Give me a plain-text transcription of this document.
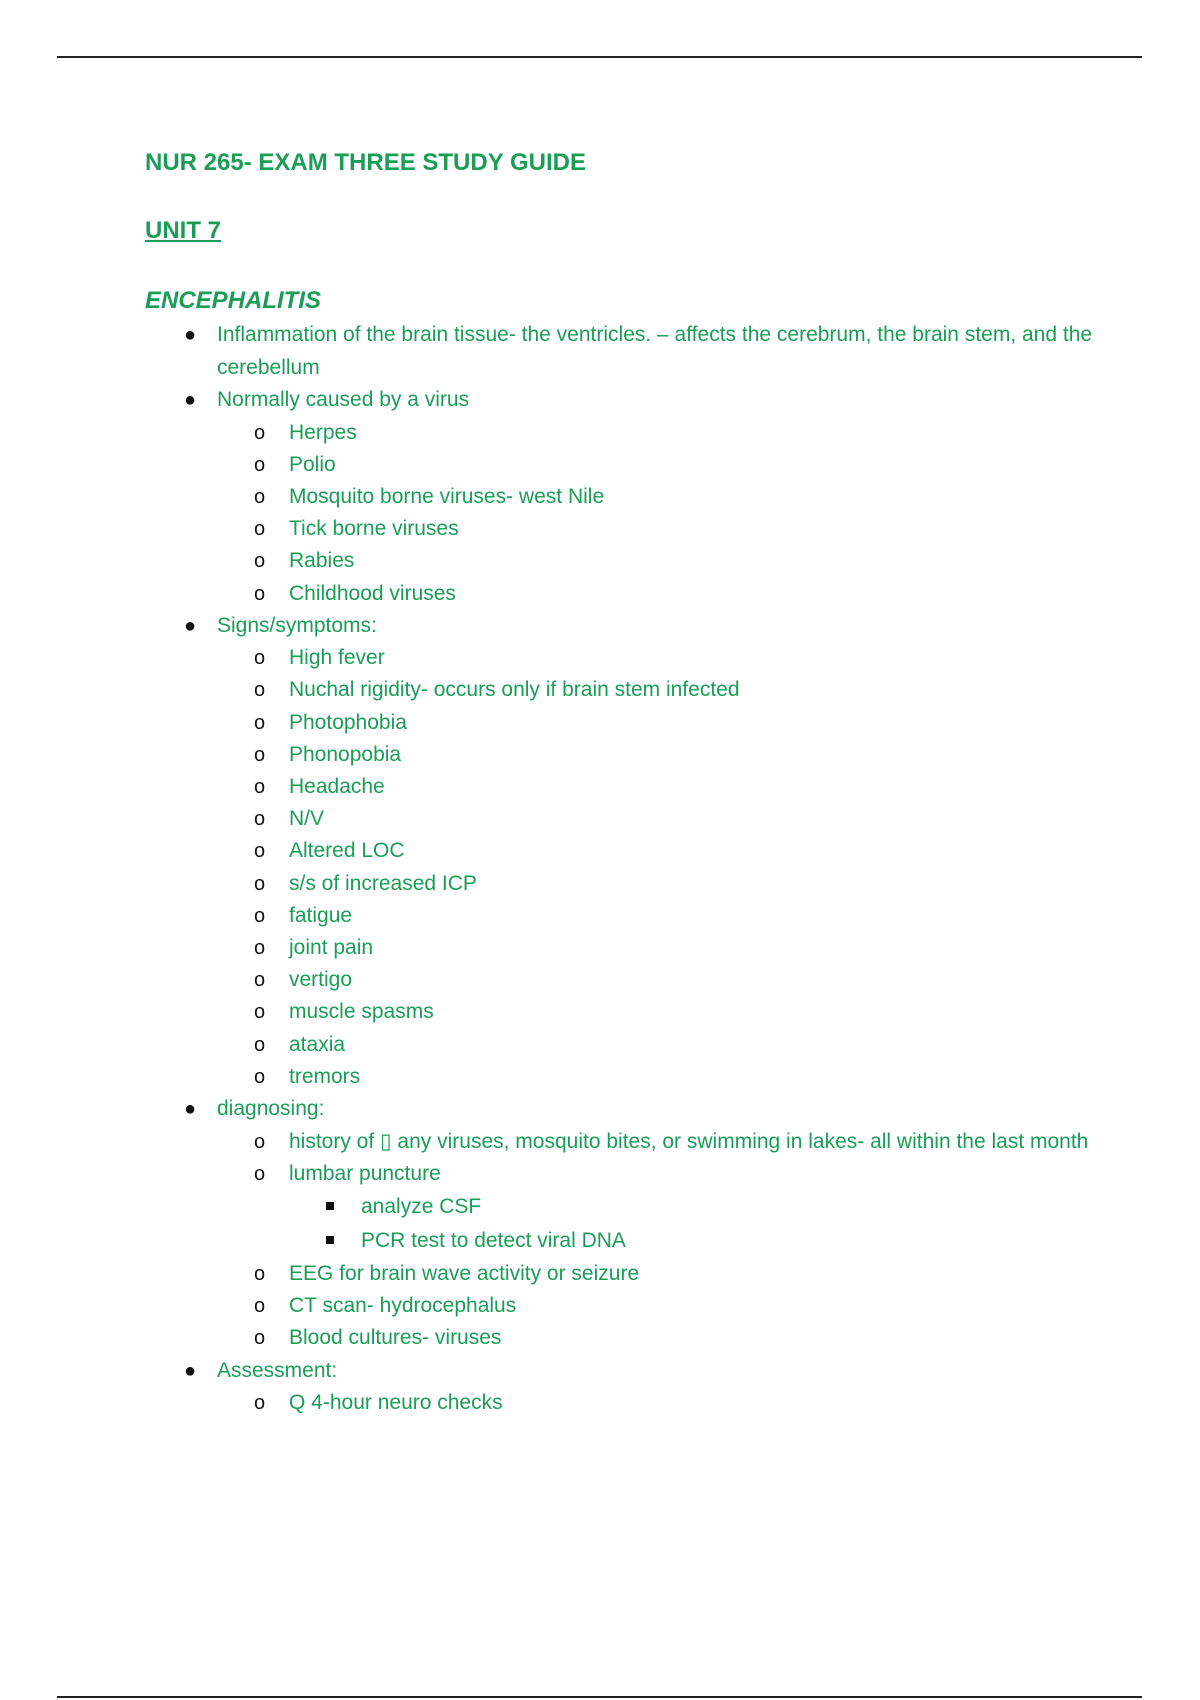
NUR 265- EXAM THREE STUDY GUIDE
UNIT 7
ENCEPHALITIS
● Inflammation of the brain tissue- the ventricles. – affects the cerebrum, the brain stem, and the cerebellum
● Normally caused by a virus
o Herpes
o Polio
o Mosquito borne viruses- west Nile
o Tick borne viruses
o Rabies
o Childhood viruses
● Signs/symptoms:
o High fever
o Nuchal rigidity- occurs only if brain stem infected
o Photophobia
o Phonopobia
o Headache
o N/V
o Altered LOC
o s/s of increased ICP
o fatigue
o joint pain
o vertigo
o muscle spasms
o ataxia
o tremors
● diagnosing:
o history of ▯ any viruses, mosquito bites, or swimming in lakes- all within the last month
o lumbar puncture
analyze CSF
PCR test to detect viral DNA
o EEG for brain wave activity or seizure
o CT scan- hydrocephalus
o Blood cultures- viruses
● Assessment:
o Q 4-hour neuro checks
